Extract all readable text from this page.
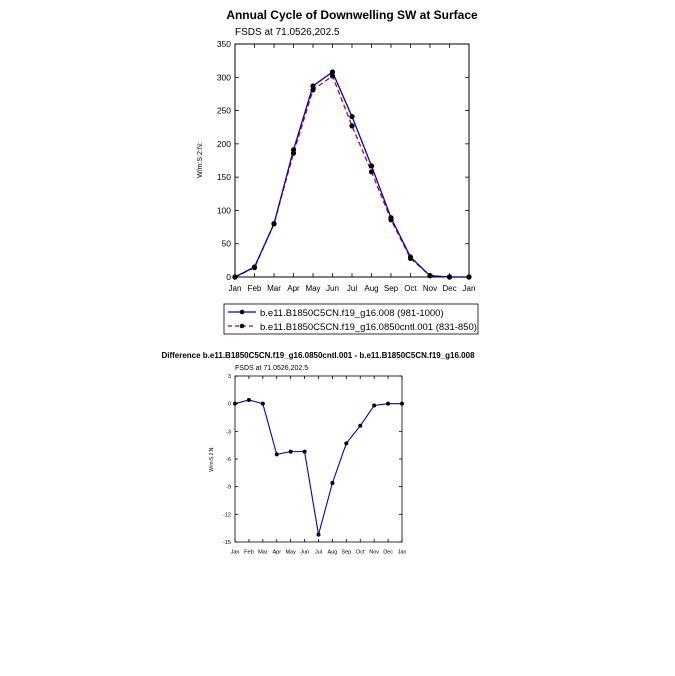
Annual Cycle of Downwelling SW at Surface
FSDS at 71.0526,202.5
W/m:S:2:N:
0
50
100
150
200
250
300
350
Jan Feb Mar Apr May Jun Jul Aug Sep Oct Nov Dec Jan
b.e11.B1850C5CN.f19_g16.008 (981-1000)
b.e11.B1850C5CN.f19_g16.0850cntl.001 (831-850)
Difference b.e11.B1850C5CN.f19_g16.0850cntl.001 - b.e11.B1850C5CN.f19_g16.008
FSDS at 71.0526,202.5
W/m:S:2:N:
-15
-12
-9
-6
-3
0
3
Jan Feb Mar Apr May Jun Jul Aug Sep Oct Nov Dec Jan
